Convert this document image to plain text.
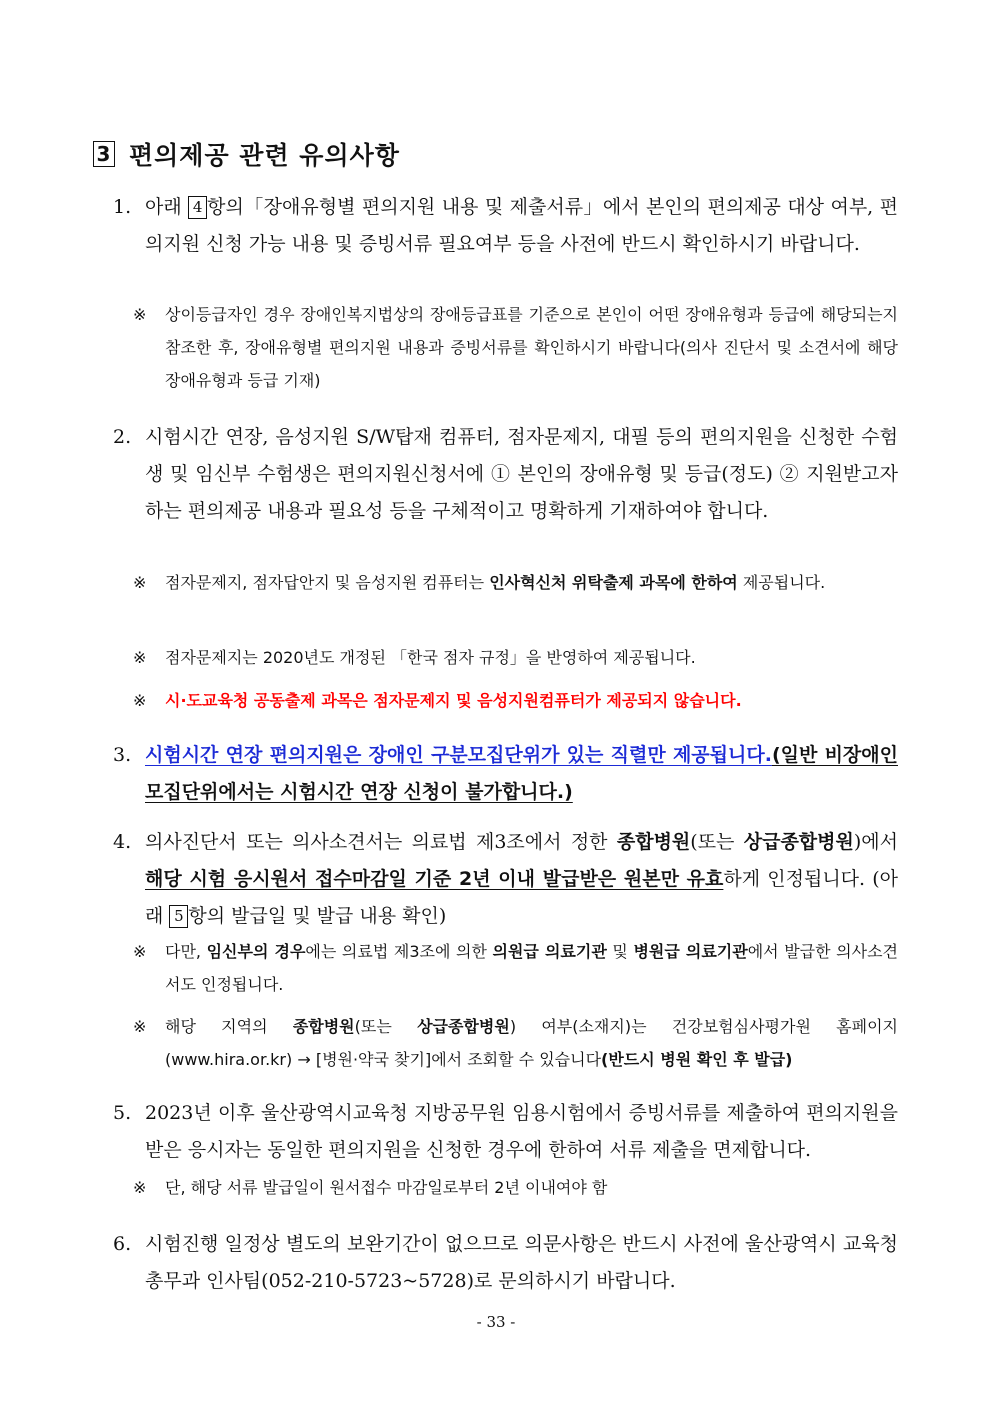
3 편의제공 관련 유의사항
1. 아래 4 항의「장애유형별 편의지원 내용 및 제출서류」에서 본인의 편의제공 대상 여부, 편의지원 신청 가능 내용 및 증빙서류 필요여부 등을 사전에 반드시 확인하시기 바랍니다.
※ 상이등급자인 경우 장애인복지법상의 장애등급표를 기준으로 본인이 어떤 장애유형과 등급에 해당되는지 참조한 후, 장애유형별 편의지원 내용과 증빙서류를 확인하시기 바랍니다(의사 진단서 및 소견서에 해당 장애유형과 등급 기재)
2. 시험시간 연장, 음성지원 S/W탑재 컴퓨터, 점자문제지, 대필 등의 편의지원을 신청한 수험생 및 임신부 수험생은 편의지원신청서에 ① 본인의 장애유형 및 등급(정도) ② 지원받고자 하는 편의제공 내용과 필요성 등을 구체적이고 명확하게 기재하여야 합니다.
※ 점자문제지, 점자답안지 및 음성지원 컴퓨터는 인사혁신처 위탁출제 과목에 한하여 제공됩니다.
※ 점자문제지는 2020년도 개정된 「한국 점자 규정」을 반영하여 제공됩니다.
※ 시·도교육청 공동출제 과목은 점자문제지 및 음성지원컴퓨터가 제공되지 않습니다.
3. 시험시간 연장 편의지원은 장애인 구분모집단위가 있는 직렬만 제공됩니다.(일반 비장애인 모집단위에서는 시험시간 연장 신청이 불가합니다.)
4. 의사진단서 또는 의사소견서는 의료법 제3조에서 정한 종합병원(또는 상급종합병원)에서 해당 시험 응시원서 접수마감일 기준 2년 이내 발급받은 원본만 유효하게 인정됩니다. (아래 5 항의 발급일 및 발급 내용 확인)
※ 다만, 임신부의 경우에는 의료법 제3조에 의한 의원급 의료기관 및 병원급 의료기관에서 발급한 의사소견서도 인정됩니다.
※ 해당 지역의 종합병원(또는 상급종합병원) 여부(소재지)는 건강보험심사평가원 홈페이지 (www.hira.or.kr) → [병원·약국 찾기]에서 조회할 수 있습니다(반드시 병원 확인 후 발급)
5. 2023년 이후 울산광역시교육청 지방공무원 임용시험에서 증빙서류를 제출하여 편의지원을 받은 응시자는 동일한 편의지원을 신청한 경우에 한하여 서류 제출을 면제합니다.
※ 단, 해당 서류 발급일이 원서접수 마감일로부터 2년 이내여야 함
6. 시험진행 일정상 별도의 보완기간이 없으므로 의문사항은 반드시 사전에 울산광역시 교육청 총무과 인사팀(052-210-5723~5728)로 문의하시기 바랍니다.
- 33 -
